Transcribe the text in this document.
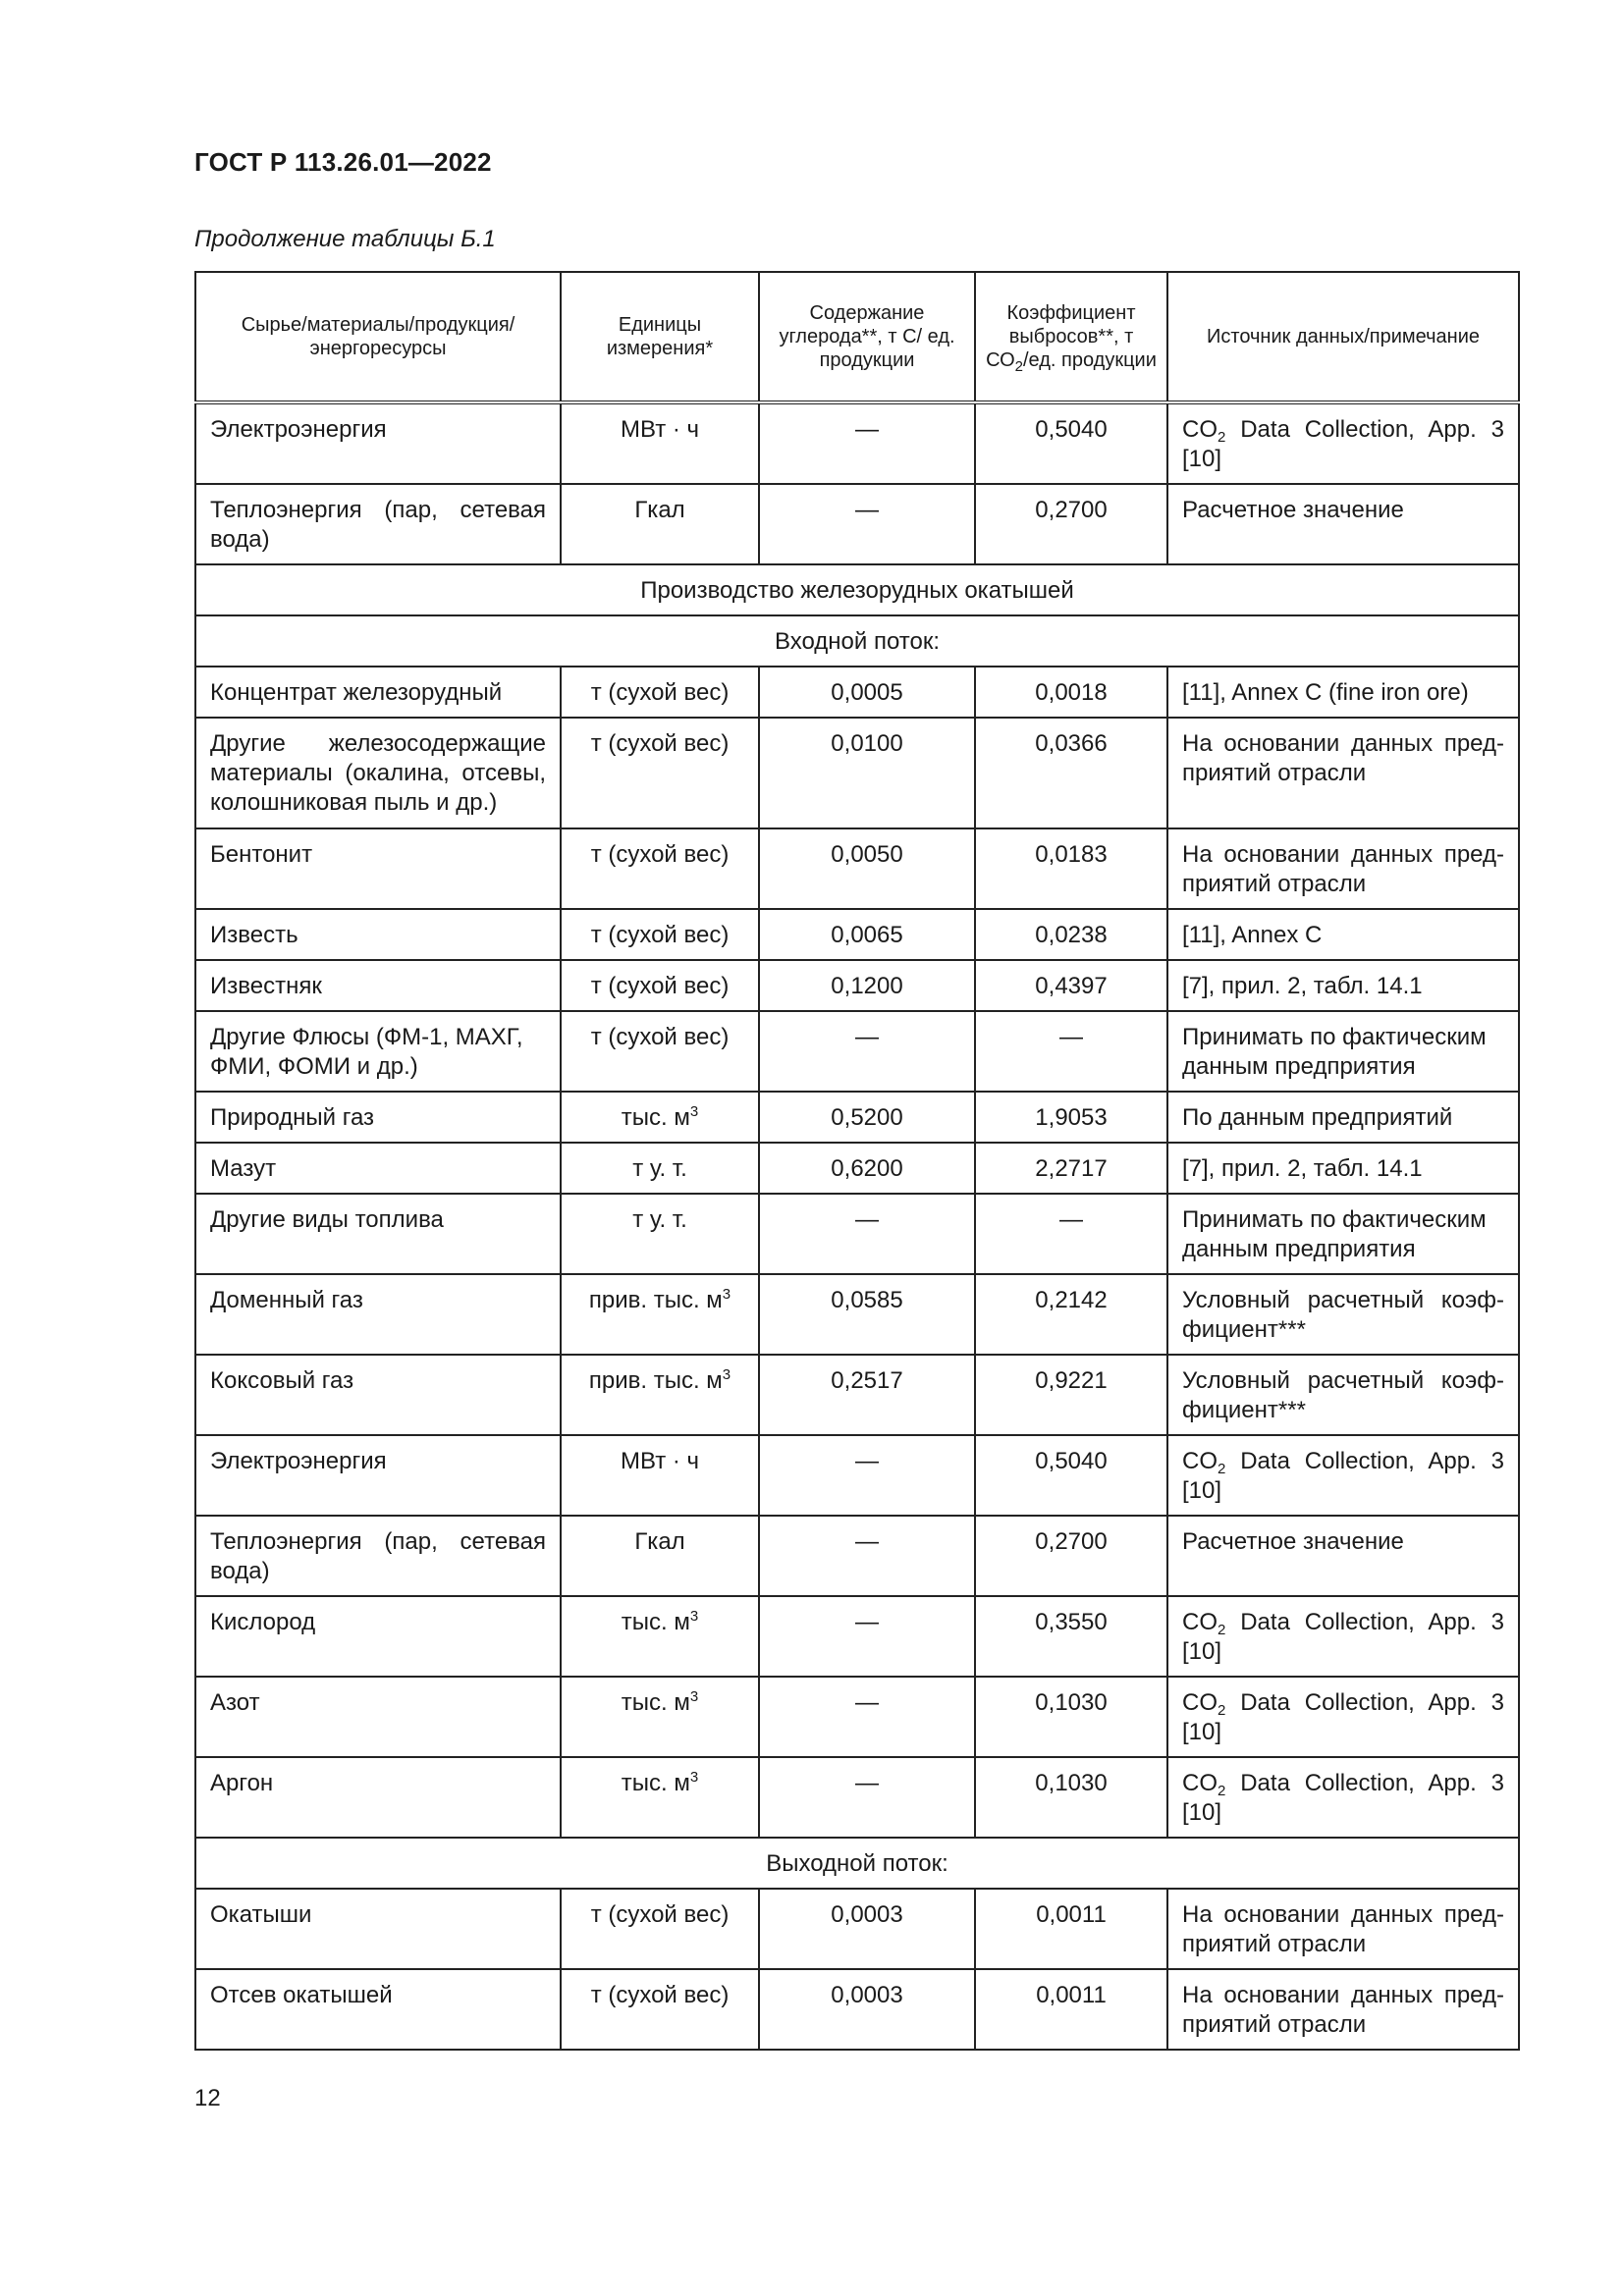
ГОСТ Р 113.26.01—2022
Продолжение таблицы Б.1
Сырье/материалы/продукция/ энергоресурсы	Единицы измерения*	Содержание углерода**, т С/ ед. продукции	Коэффициент выбросов**, т $СО_2/ед$. продукции	Источник данных/примечание
Электроэнергия	МВт · ч	—	0,5040	$CO_2$ Data Collection, App. 3 [10]
Теплоэнергия (пар, сетевая вода)	Гкал	—	0,2700	Расчетное значение
Производство железорудных окатышей				
Входной поток:				
Концентрат железорудный	т (сухой вес)	0,0005	0,0018	[11], Annex C (fine iron ore)
Другие железосодержащие материалы (окалина, отсевы, колошниковая пыль и др.)	т (сухой вес)	0,0100	0,0366	На основании данных пред-приятий отрасли
Бентонит	т (сухой вес)	0,0050	0,0183	На основании данных пред-приятий отрасли
Известь	т (сухой вес)	0,0065	0,0238	[11], Annex C
Известняк	т (сухой вес)	0,1200	0,4397	[7], прил. 2, табл. 14.1
Другие Флюсы (ФМ-1, МАХГ, ФМИ, ФОМИ и др.)	т (сухой вес)	—	—	Принимать по фактическим данным предприятия
Природный газ	тыс. $м^3$	0,5200	1,9053	По данным предприятий
Мазут	т у. т.	0,6200	2,2717	[7], прил. 2, табл. 14.1
Другие виды топлива	т у. т.	—	—	Принимать по фактическим данным предприятия
Доменный газ	прив. тыс. $м^3$	0,0585	0,2142	Условный расчетный коэф-фициент***
Коксовый газ	прив. тыс. $м^3$	0,2517	0,9221	Условный расчетный коэф-фициент***
Электроэнергия	МВт · ч	—	0,5040	$CO_2$ Data Collection, App. 3 [10]
Теплоэнергия (пар, сетевая вода)	Гкал	—	0,2700	Расчетное значение
Кислород	тыс. $м^3$	—	0,3550	$CO_2$ Data Collection, App. 3 [10]
Азот	тыс. $м^3$	—	0,1030	$CO_2$ Data Collection, App. 3 [10]
Аргон	тыс. $м^3$	—	0,1030	$CO_2$ Data Collection, App. 3 [10]
Выходной поток:				
Окатыши	т (сухой вес)	0,0003	0,0011	На основании данных пред-приятий отрасли
Отсев окатышей	т (сухой вес)	0,0003	0,0011	На основании данных пред-приятий отрасли
12
